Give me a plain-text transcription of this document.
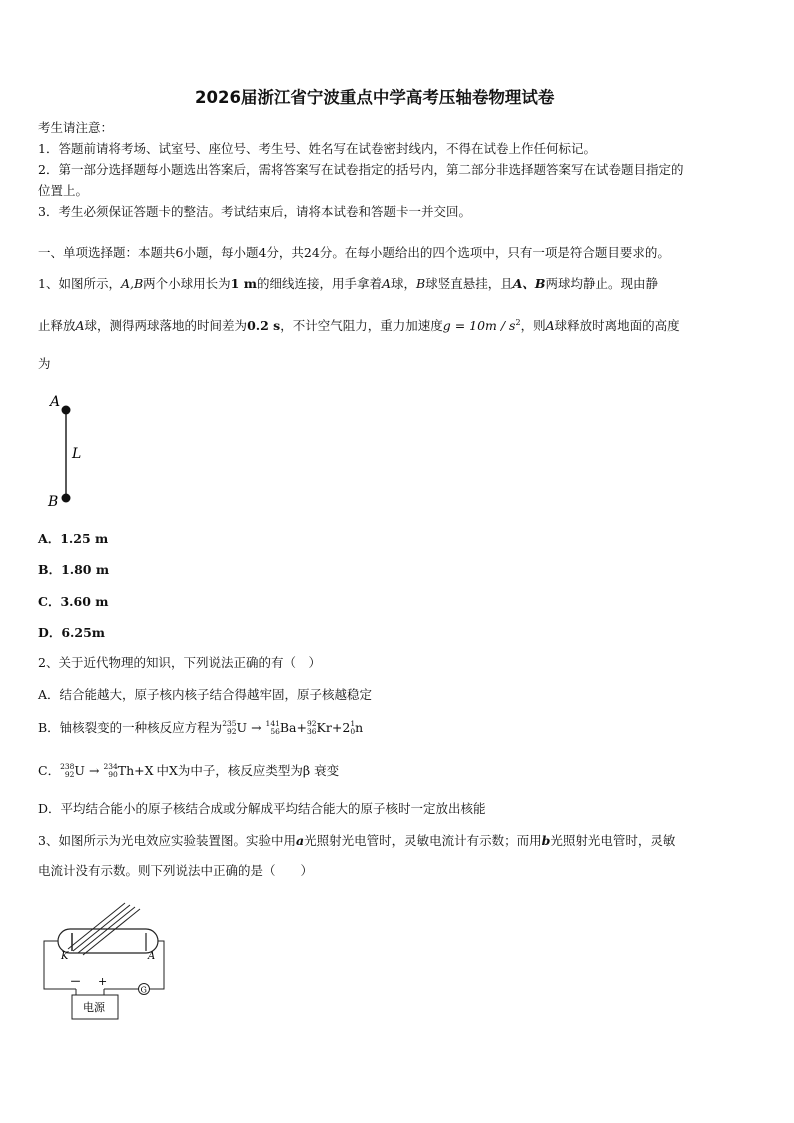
2026届浙江省宁波重点中学高考压轴卷物理试卷
考生请注意：
1．答题前请将考场、试室号、座位号、考生号、姓名写在试卷密封线内，不得在试卷上作任何标记。
2．第一部分选择题每小题选出答案后，需将答案写在试卷指定的括号内，第二部分非选择题答案写在试卷题目指定的
位置上。
3．考生必须保证答题卡的整洁。考试结束后，请将本试卷和答题卡一并交回。
一、单项选择题：本题共6小题，每小题4分，共24分。在每小题给出的四个选项中，只有一项是符合题目要求的。
1、如图所示，A,B两个小球用长为1 m的细线连接，用手拿着A球，B球竖直悬挂，且A、B两球均静止。现由静
止释放A球，测得两球落地的时间差为0.2 s，不计空气阻力，重力加速度$g = 10m / s^2$，则A球释放时离地面的高度
为
A
L
B
A．1.25 m
B．1.80 m
C．3.60 m
D．6.25m
2、关于近代物理的知识，下列说法正确的有（　）
A．结合能越大，原子核内核子结合得越牢固，原子核越稳定
B．铀核裂变的一种核反应方程为 235
92 U → 141
56 Ba + 92
36 Kr +2 1
0 n
C． 238
92 U → 234
90 Th+X 中X为中子，核反应类型为β 衰变
D．平均结合能小的原子核结合成或分解成平均结合能大的原子核时一定放出核能
3、如图所示为光电效应实验装置图。实验中用a光照射光电管时，灵敏电流计有示数；而用b光照射光电管时，灵敏
电流计没有示数。则下列说法中正确的是（　　）
K	A
G
－ +
电源
